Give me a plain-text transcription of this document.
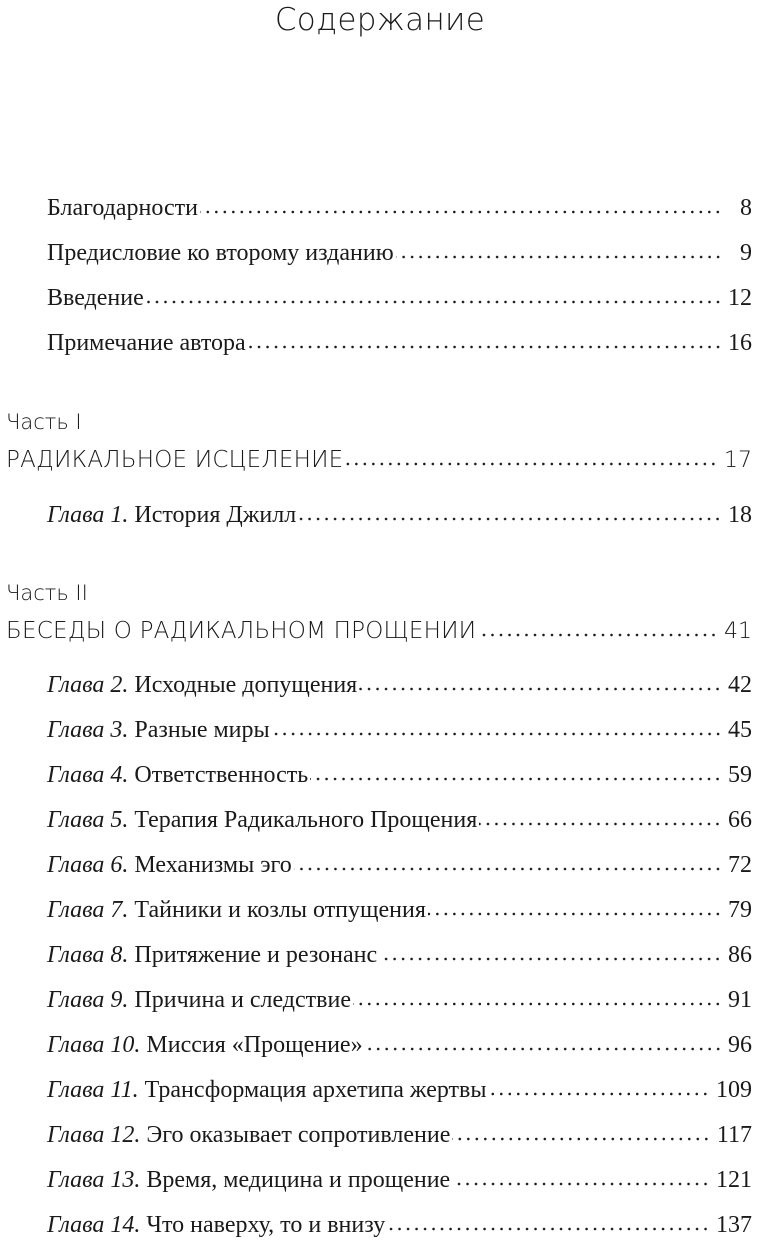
Содержание
Благодарности	8
Предисловие ко второму изданию	9
Введение	12
Примечание автора	16
Часть I
РАДИКАЛЬНОЕ ИСЦЕЛЕНИЕ	17
Глава 1. История Джилл	18
Часть II
БЕСЕДЫ О РАДИКАЛЬНОМ ПРОЩЕНИИ	41
Глава 2. Исходные допущения	42
Глава 3. Разные миры	45
Глава 4. Ответственность	59
Глава 5. Терапия Радикального Прощения	66
Глава 6. Механизмы эго	72
Глава 7. Тайники и козлы отпущения	79
Глава 8. Притяжение и резонанс	86
Глава 9. Причина и следствие	91
Глава 10. Миссия «Прощение»	96
Глава 11. Трансформация архетипа жертвы	109
Глава 12. Эго оказывает сопротивление	117
Глава 13. Время, медицина и прощение	121
Глава 14. Что наверху, то и внизу	137
